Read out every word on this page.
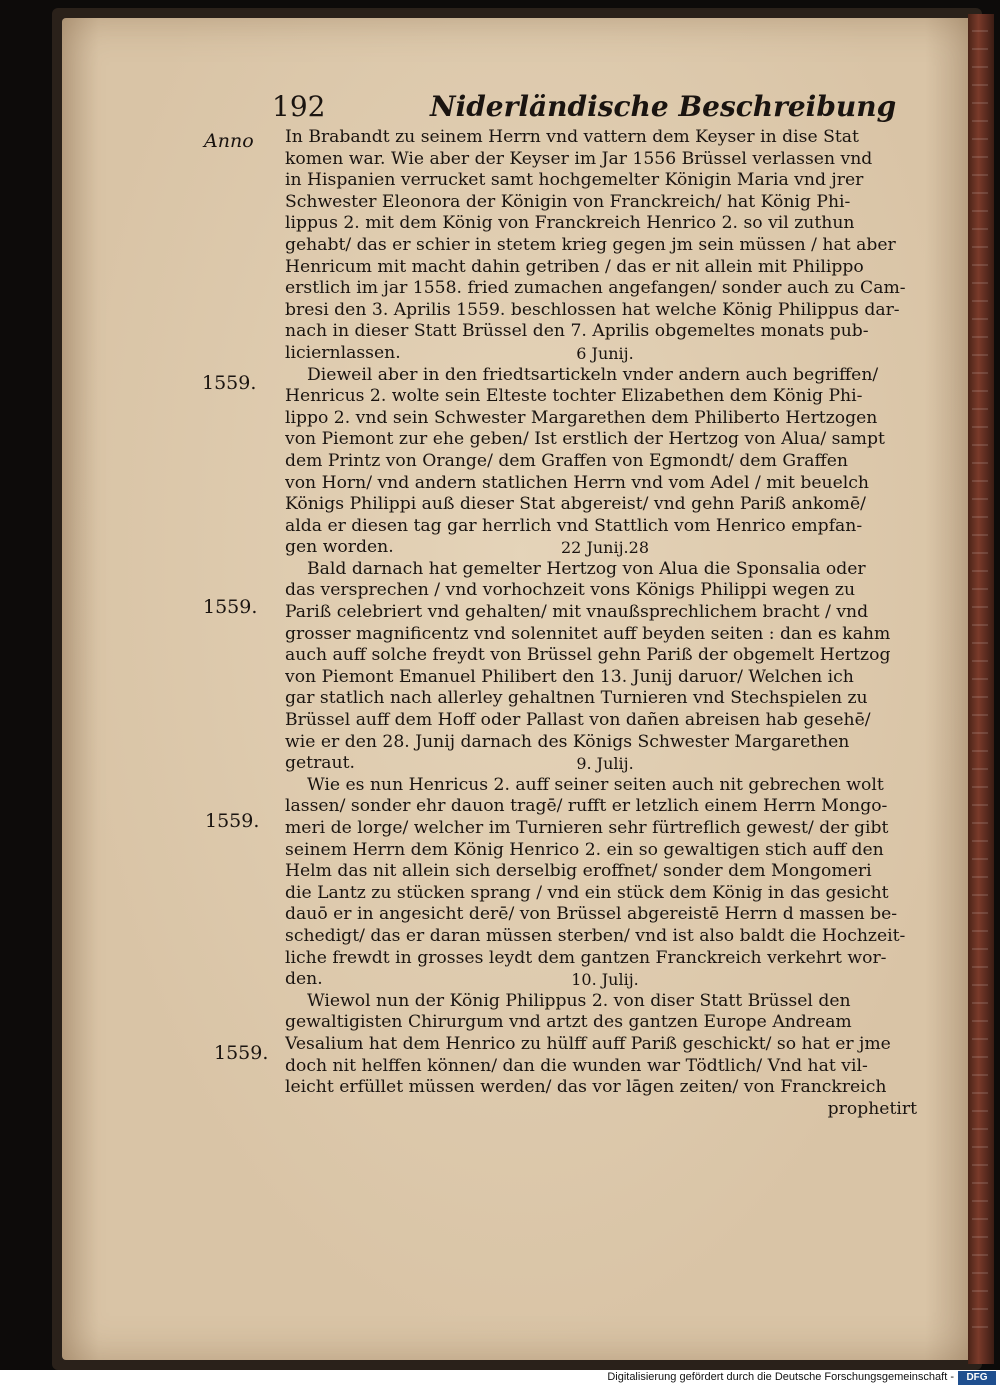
192	Niderländische Beschreibung
Anno
1559.
1559.
1559.
1559.

In Brabandt zu seinem Herrn vnd vattern dem Keyser in dise Stat
komen war. Wie aber der Keyser im Jar 1556 Brüssel verlassen vnd
in Hispanien verrucket samt hochgemelter Königin Maria vnd jrer
Schwester Eleonora der Königin von Franckreich/ hat König Phi-
lippus 2. mit dem König von Franckreich Henrico 2. so vil zuthun
gehabt/ das er schier in stetem krieg gegen jm sein müssen / hat aber
Henricum mit macht dahin getriben / das er nit allein mit Philippo
erstlich im jar 1558. fried zumachen angefangen/ sonder auch zu Cam-
bresi den 3. Aprilis 1559. beschlossen hat welche König Philippus dar-
nach in dieser Statt Brüssel den 7. Aprilis obgemeltes monats pub-
liciernlassen.	6 Junij.

Dieweil aber in den friedtsartickeln vnder andern auch begriffen/
Henricus 2. wolte sein Elteste tochter Elizabethen dem König Phi-
lippo 2. vnd sein Schwester Margarethen dem Philiberto Hertzogen
von Piemont zur ehe geben/ Ist erstlich der Hertzog von Alua/ sampt
dem Printz von Orange/ dem Graffen von Egmondt/ dem Graffen
von Horn/ vnd andern statlichen Herrn vnd vom Adel / mit beuelch
Königs Philippi auß dieser Stat abgereist/ vnd gehn Pariß ankomē/
alda er diesen tag gar herrlich vnd Stattlich vom Henrico empfan-
gen worden.	22 Junij.28

Bald darnach hat gemelter Hertzog von Alua die Sponsalia oder
das versprechen / vnd vorhochzeit vons Königs Philippi wegen zu
Pariß celebriert vnd gehalten/ mit vnaußsprechlichem bracht / vnd
grosser magnificentz vnd solennitet auff beyden seiten : dan es kahm
auch auff solche freydt von Brüssel gehn Pariß der obgemelt Hertzog
von Piemont Emanuel Philibert den 13. Junij daruor/ Welchen ich
gar statlich nach allerley gehaltnen Turnieren vnd Stechspielen zu
Brüssel auff dem Hoff oder Pallast von dañen abreisen hab gesehē/
wie er den 28. Junij darnach des Königs Schwester Margarethen
getraut.	9. Julij.

Wie es nun Henricus 2. auff seiner seiten auch nit gebrechen wolt
lassen/ sonder ehr dauon tragē/ rufft er letzlich einem Herrn Mongo-
meri de lorge/ welcher im Turnieren sehr fürtreflich gewest/ der gibt
seinem Herrn dem König Henrico 2. ein so gewaltigen stich auff den
Helm das nit allein sich derselbig eroffnet/ sonder dem Mongomeri
die Lantz zu stücken sprang / vnd ein stück dem König in das gesicht
dauō er in angesicht derē/ von Brüssel abgereistē Herrn d massen be-
schedigt/ das er daran müssen sterben/ vnd ist also baldt die Hochzeit-
liche frewdt in grosses leydt dem gantzen Franckreich verkehrt wor-
den.	10. Julij.

Wiewol nun der König Philippus 2. von diser Statt Brüssel den
gewaltigisten Chirurgum vnd artzt des gantzen Europe Andream
Vesalium hat dem Henrico zu hülff auff Pariß geschickt/ so hat er jme
doch nit helffen können/ dan die wunden war Tödtlich/ Vnd hat vil-
leicht erfüllet müssen werden/ das vor lāgen zeiten/ von Franckreich
prophetirt

Digitalisierung gefördert durch die Deutsche Forschungsgemeinschaft -	DFG
